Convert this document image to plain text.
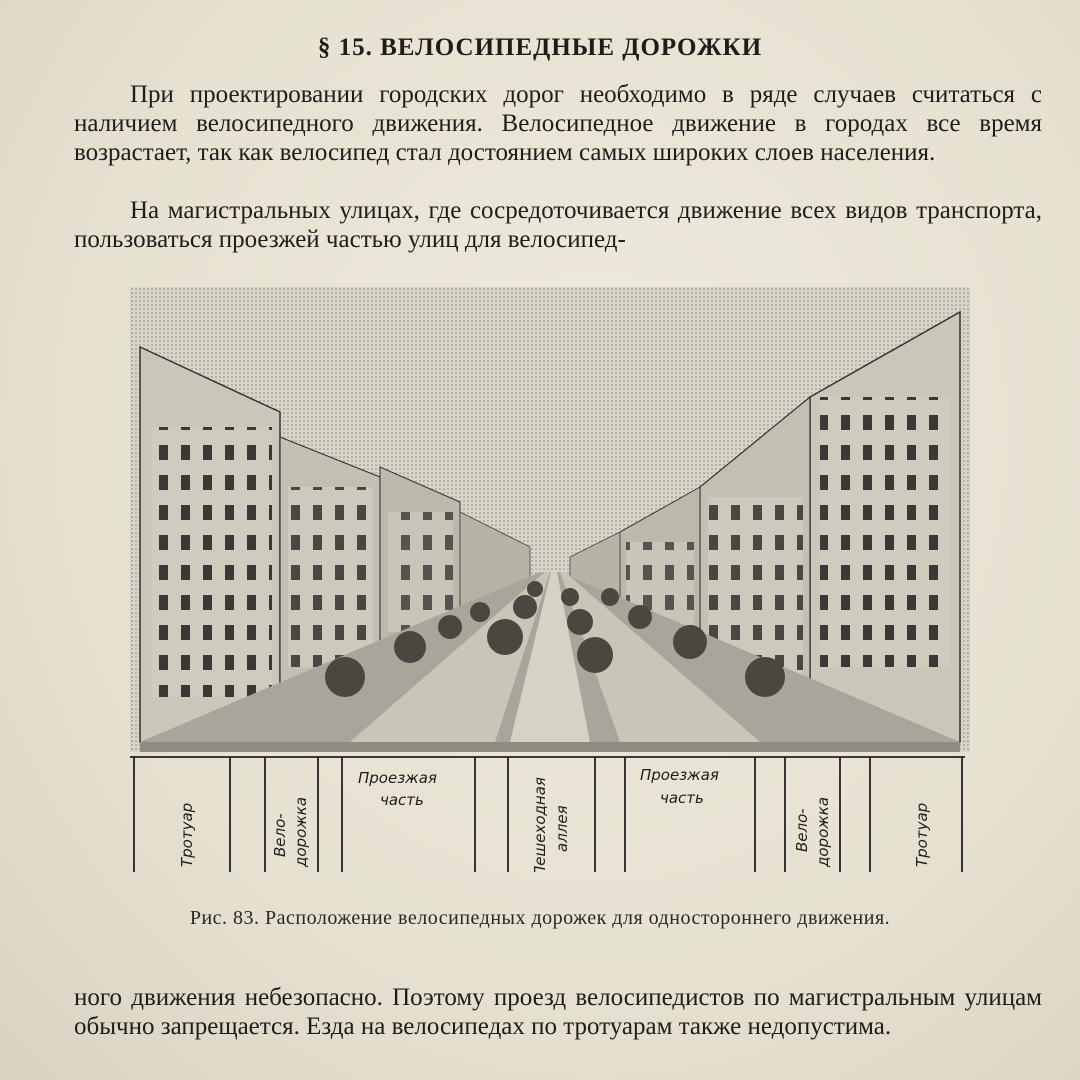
§ 15. ВЕЛОСИПЕДНЫЕ ДОРОЖКИ
При проектировании городских дорог необходимо в ряде случаев считаться с наличием велосипедного движения. Велосипедное движение в городах все время возрастает, так как велосипед стал достоянием самых широких слоев населения.
На магистральных улицах, где сосредоточивается движение всех видов транспорта, пользоваться проезжей частью улиц для велосипед-
Тротуар	Вело- дорожка
Проезжая
часть	Пешеходная аллея
Проезжая
часть
Вело- дорожка	Тротуар
Рис. 83. Расположение велосипедных дорожек для одностороннего движения.
ного движения небезопасно. Поэтому проезд велосипедистов по магистральным улицам обычно запрещается. Езда на велосипедах по тротуарам также недопустима.
